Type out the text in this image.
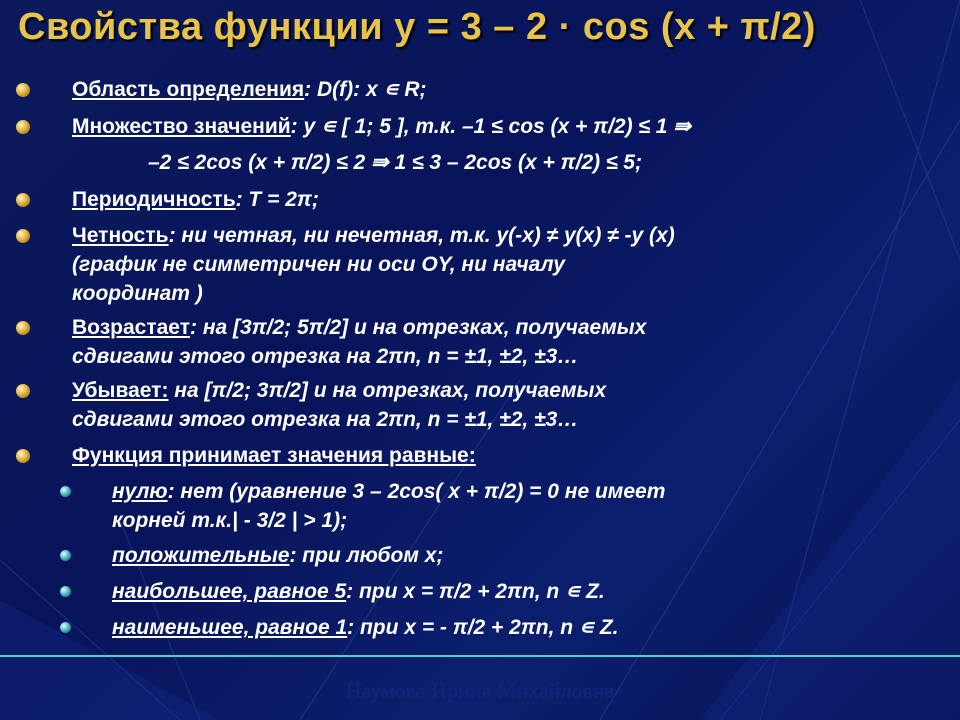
Свойства функции y = 3 – 2 · cos (x + π/2)
Область определения: D(f): x ∊ R;
Множество значений: y ∊ [ 1; 5 ], т.к. –1 ≤ cos (x + π/2) ≤ 1 ⇛
–2 ≤ 2cos (x + π/2) ≤ 2 ⇛ 1 ≤ 3 – 2cos (x + π/2) ≤ 5;
Периодичность: T = 2π;
Четность: ни четная, ни нечетная, т.к. y(-x) ≠ y(x) ≠ -y (x)
(график не симметричен ни оси OY, ни началу
координат )
Возрастает: на [3π/2; 5π/2] и на отрезках, получаемых
сдвигами этого отрезка на 2πn, n = ±1, ±2, ±3…
Убывает: на [π/2; 3π/2] и на отрезках, получаемых
сдвигами этого отрезка на 2πn, n = ±1, ±2, ±3…
Функция принимает значения равные:
нулю: нет (уравнение 3 – 2cos( x + π/2) = 0 не имеет
корней т.к.| - 3/2 | > 1);
положительные: при любом x;
наибольшее, равное 5: при x = π/2 + 2πn, n ∊ Z.
наименьшее, равное 1: при x = - π/2 + 2πn, n ∊ Z.
Наумова Ирина Михайловна
